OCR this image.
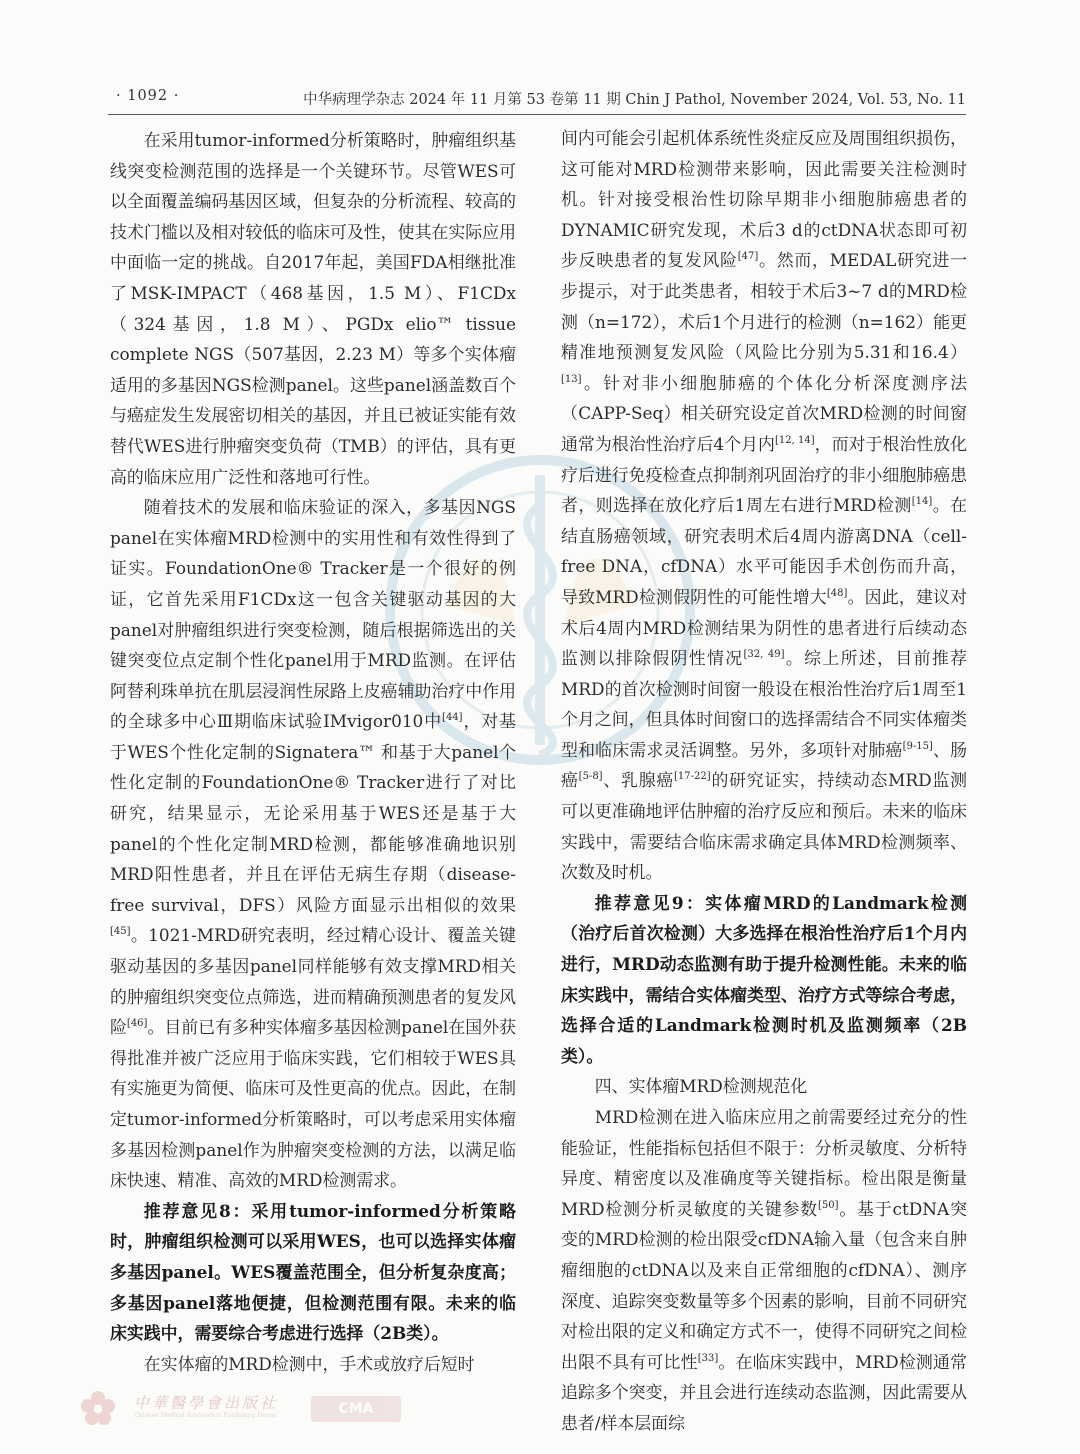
· 1092 ·	中华病理学杂志 2024 年 11 月第 53 卷第 11 期 Chin J Pathol, November 2024, Vol. 53, No. 11

在采用tumor-informed分析策略时，肿瘤组织基线突变检测范围的选择是一个关键环节。尽管WES可以全面覆盖编码基因区域，但复杂的分析流程、较高的技术门槛以及相对较低的临床可及性，使其在实际应用中面临一定的挑战。自2017年起，美国FDA相继批准了MSK-IMPACT（468基因，1.5 M）、F1CDx（324基因，1.8 M）、PGDx elio™ tissue complete NGS（507基因，2.23 M）等多个实体瘤适用的多基因NGS检测panel。这些panel涵盖数百个与癌症发生发展密切相关的基因，并且已被证实能有效替代WES进行肿瘤突变负荷（TMB）的评估，具有更高的临床应用广泛性和落地可行性。

随着技术的发展和临床验证的深入，多基因NGS panel在实体瘤MRD检测中的实用性和有效性得到了证实。FoundationOne® Tracker是一个很好的例证，它首先采用F1CDx这一包含关键驱动基因的大panel对肿瘤组织进行突变检测，随后根据筛选出的关键突变位点定制个性化panel用于MRD监测。在评估阿替利珠单抗在肌层浸润性尿路上皮癌辅助治疗中作用的全球多中心Ⅲ期临床试验IMvigor010中[44]，对基于WES个性化定制的Signatera™ 和基于大panel个性化定制的FoundationOne® Tracker进行了对比研究，结果显示，无论采用基于WES还是基于大panel的个性化定制MRD检测，都能够准确地识别MRD阳性患者，并且在评估无病生存期（disease-free survival，DFS）风险方面显示出相似的效果[45]。1021-MRD研究表明，经过精心设计、覆盖关键驱动基因的多基因panel同样能够有效支撑MRD相关的肿瘤组织突变位点筛选，进而精确预测患者的复发风险[46]。目前已有多种实体瘤多基因检测panel在国外获得批准并被广泛应用于临床实践，它们相较于WES具有实施更为简便、临床可及性更高的优点。因此，在制定tumor-informed分析策略时，可以考虑采用实体瘤多基因检测panel作为肿瘤突变检测的方法，以满足临床快速、精准、高效的MRD检测需求。

推荐意见8：采用tumor-informed分析策略时，肿瘤组织检测可以采用WES，也可以选择实体瘤多基因panel。WES覆盖范围全，但分析复杂度高；多基因panel落地便捷，但检测范围有限。未来的临床实践中，需要综合考虑进行选择（2B类）。

在实体瘤的MRD检测中，手术或放疗后短时

间内可能会引起机体系统性炎症反应及周围组织损伤，这可能对MRD检测带来影响，因此需要关注检测时机。针对接受根治性切除早期非小细胞肺癌患者的DYNAMIC研究发现，术后3 d的ctDNA状态即可初步反映患者的复发风险[47]。然而，MEDAL研究进一步提示，对于此类患者，相较于术后3~7 d的MRD检测（n=172），术后1个月进行的检测（n=162）能更精准地预测复发风险（风险比分别为5.31和16.4）[13]。针对非小细胞肺癌的个体化分析深度测序法（CAPP-Seq）相关研究设定首次MRD检测的时间窗通常为根治性治疗后4个月内[12, 14]，而对于根治性放化疗后进行免疫检查点抑制剂巩固治疗的非小细胞肺癌患者，则选择在放化疗后1周左右进行MRD检测[14]。在结直肠癌领域，研究表明术后4周内游离DNA（cell-free DNA，cfDNA）水平可能因手术创伤而升高，导致MRD检测假阴性的可能性增大[48]。因此，建议对术后4周内MRD检测结果为阴性的患者进行后续动态监测以排除假阴性情况[32, 49]。综上所述，目前推荐MRD的首次检测时间窗一般设在根治性治疗后1周至1个月之间，但具体时间窗口的选择需结合不同实体瘤类型和临床需求灵活调整。另外，多项针对肺癌[9-15]、肠癌[5-8]、乳腺癌[17-22]的研究证实，持续动态MRD监测可以更准确地评估肿瘤的治疗反应和预后。未来的临床实践中，需要结合临床需求确定具体MRD检测频率、次数及时机。

推荐意见9：实体瘤MRD的Landmark检测（治疗后首次检测）大多选择在根治性治疗后1个月内进行，MRD动态监测有助于提升检测性能。未来的临床实践中，需结合实体瘤类型、治疗方式等综合考虑，选择合适的Landmark检测时机及监测频率（2B类）。

四、实体瘤MRD检测规范化

MRD检测在进入临床应用之前需要经过充分的性能验证，性能指标包括但不限于：分析灵敏度、分析特异度、精密度以及准确度等关键指标。检出限是衡量MRD检测分析灵敏度的关键参数[50]。基于ctDNA突变的MRD检测的检出限受cfDNA输入量（包含来自肿瘤细胞的ctDNA以及来自正常细胞的cfDNA）、测序深度、追踪突变数量等多个因素的影响，目前不同研究对检出限的定义和确定方式不一，使得不同研究之间检出限不具有可比性[33]。在临床实践中，MRD检测通常追踪多个突变，并且会进行连续动态监测，因此需要从患者/样本层面综

中華醫學會出版社
Chinese Medical Association Publishing House	CMA
